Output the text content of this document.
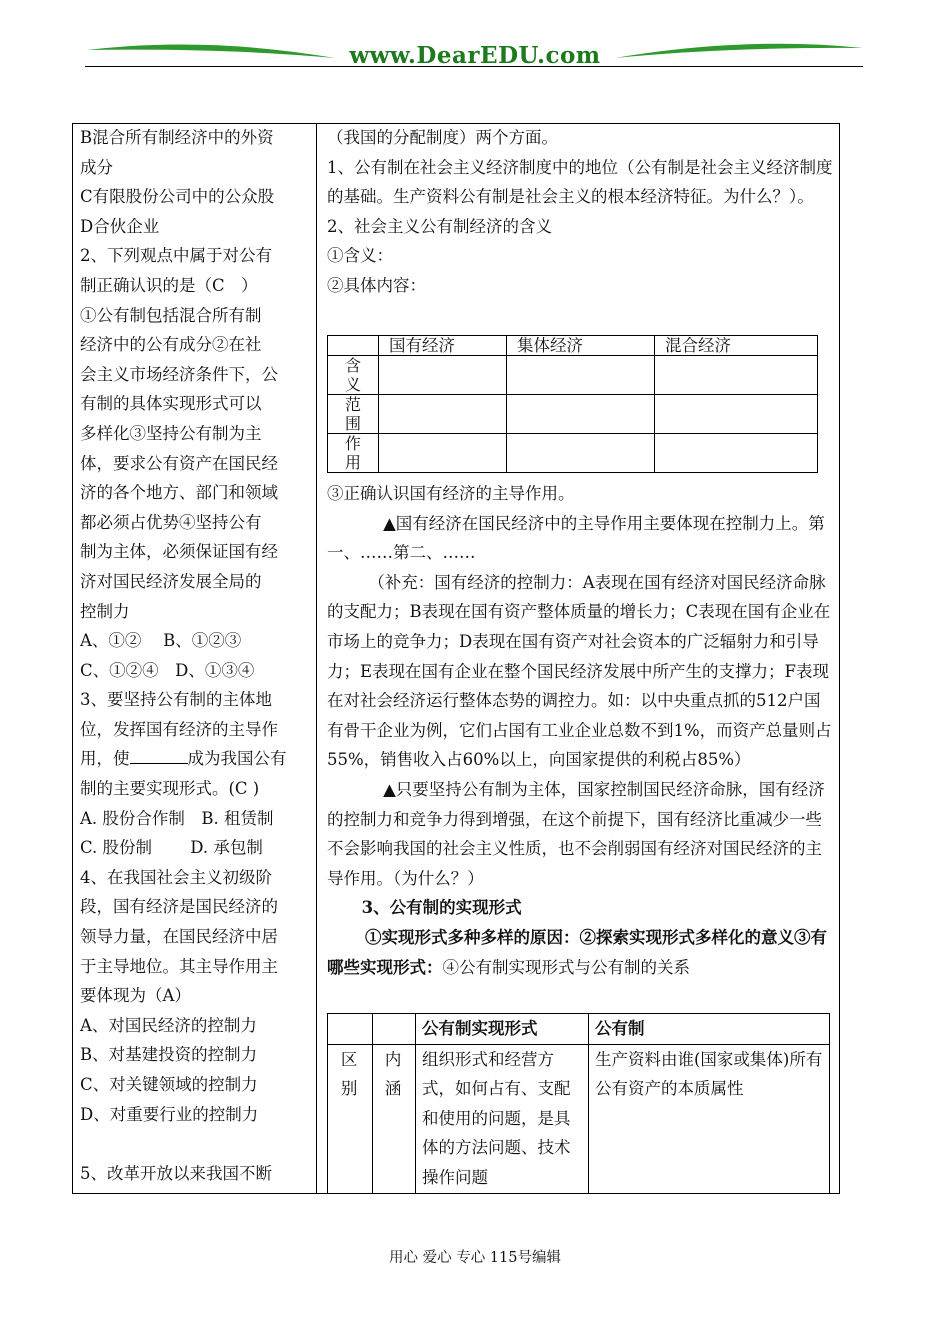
www.DearEDU.com
B混合所有制经济中的外资
成分
C有限股份公司中的公众股
D合伙企业
2、下列观点中属于对公有
制正确认识的是（C　）
①公有制包括混合所有制
经济中的公有成分②在社
会主义市场经济条件下，公
有制的具体实现形式可以
多样化③坚持公有制为主
体，要求公有资产在国民经
济的各个地方、部门和领域
都必须占优势④坚持公有
制为主体，必须保证国有经
济对国民经济发展全局的
控制力
A、①②　 B、①②③
C、①②④　D、①③④
3、要坚持公有制的主体地
位，发挥国有经济的主导作
用，使	成为我国公有
制的主要实现形式。(C )
A. 股份合作制　B. 租赁制
C. 股份制　　 D. 承包制
4、在我国社会主义初级阶
段，国有经济是国民经济的
领导力量，在国民经济中居
于主导地位。其主导作用主
要体现为（A）
A、对国民经济的控制力
B、对基建投资的控制力
C、对关键领域的控制力
D、对重要行业的控制力
5、改革开放以来我国不断
（我国的分配制度）两个方面。
1、公有制在社会主义经济制度中的地位（公有制是社会主义经济制度的基础。生产资料公有制是社会主义的根本经济特征。为什么？）。
2、社会主义公有制经济的含义
①含义：
②具体内容：
	国有经济	集体经济	混合经济

含义			

范围			

作用			

③正确认识国有经济的主导作用。
▲国有经济在国民经济中的主导作用主要体现在控制力上。第一、……第二、……
（补充：国有经济的控制力：A表现在国有经济对国民经济命脉的支配力；B表现在国有资产整体质量的增长力；C表现在国有企业在市场上的竞争力；D表现在国有资产对社会资本的广泛辐射力和引导力；E表现在国有企业在整个国民经济发展中所产生的支撑力；F表现在对社会经济运行整体态势的调控力。如：以中央重点抓的512户国有骨干企业为例，它们占国有工业企业总数不到1%，而资产总量则占55%，销售收入占60%以上，向国家提供的利税占85%）
▲只要坚持公有制为主体，国家控制国民经济命脉，国有经济的控制力和竞争力得到增强，在这个前提下，国有经济比重减少一些不会影响我国的社会主义性质，也不会削弱国有经济对国民经济的主导作用。（为什么？）
3、公有制的实现形式
①实现形式多种多样的原因：②探索实现形式多样化的意义③有哪些实现形式：④公有制实现形式与公有制的关系
		公有制实现形式	公有制

区别	内涵	组织形式和经营方式，如何占有、支配和使用的问题，是具体的方法问题、技术操作问题	生产资料由谁(国家或集体)所有公有资产的本质属性
用心 爱心 专心 115号编辑
